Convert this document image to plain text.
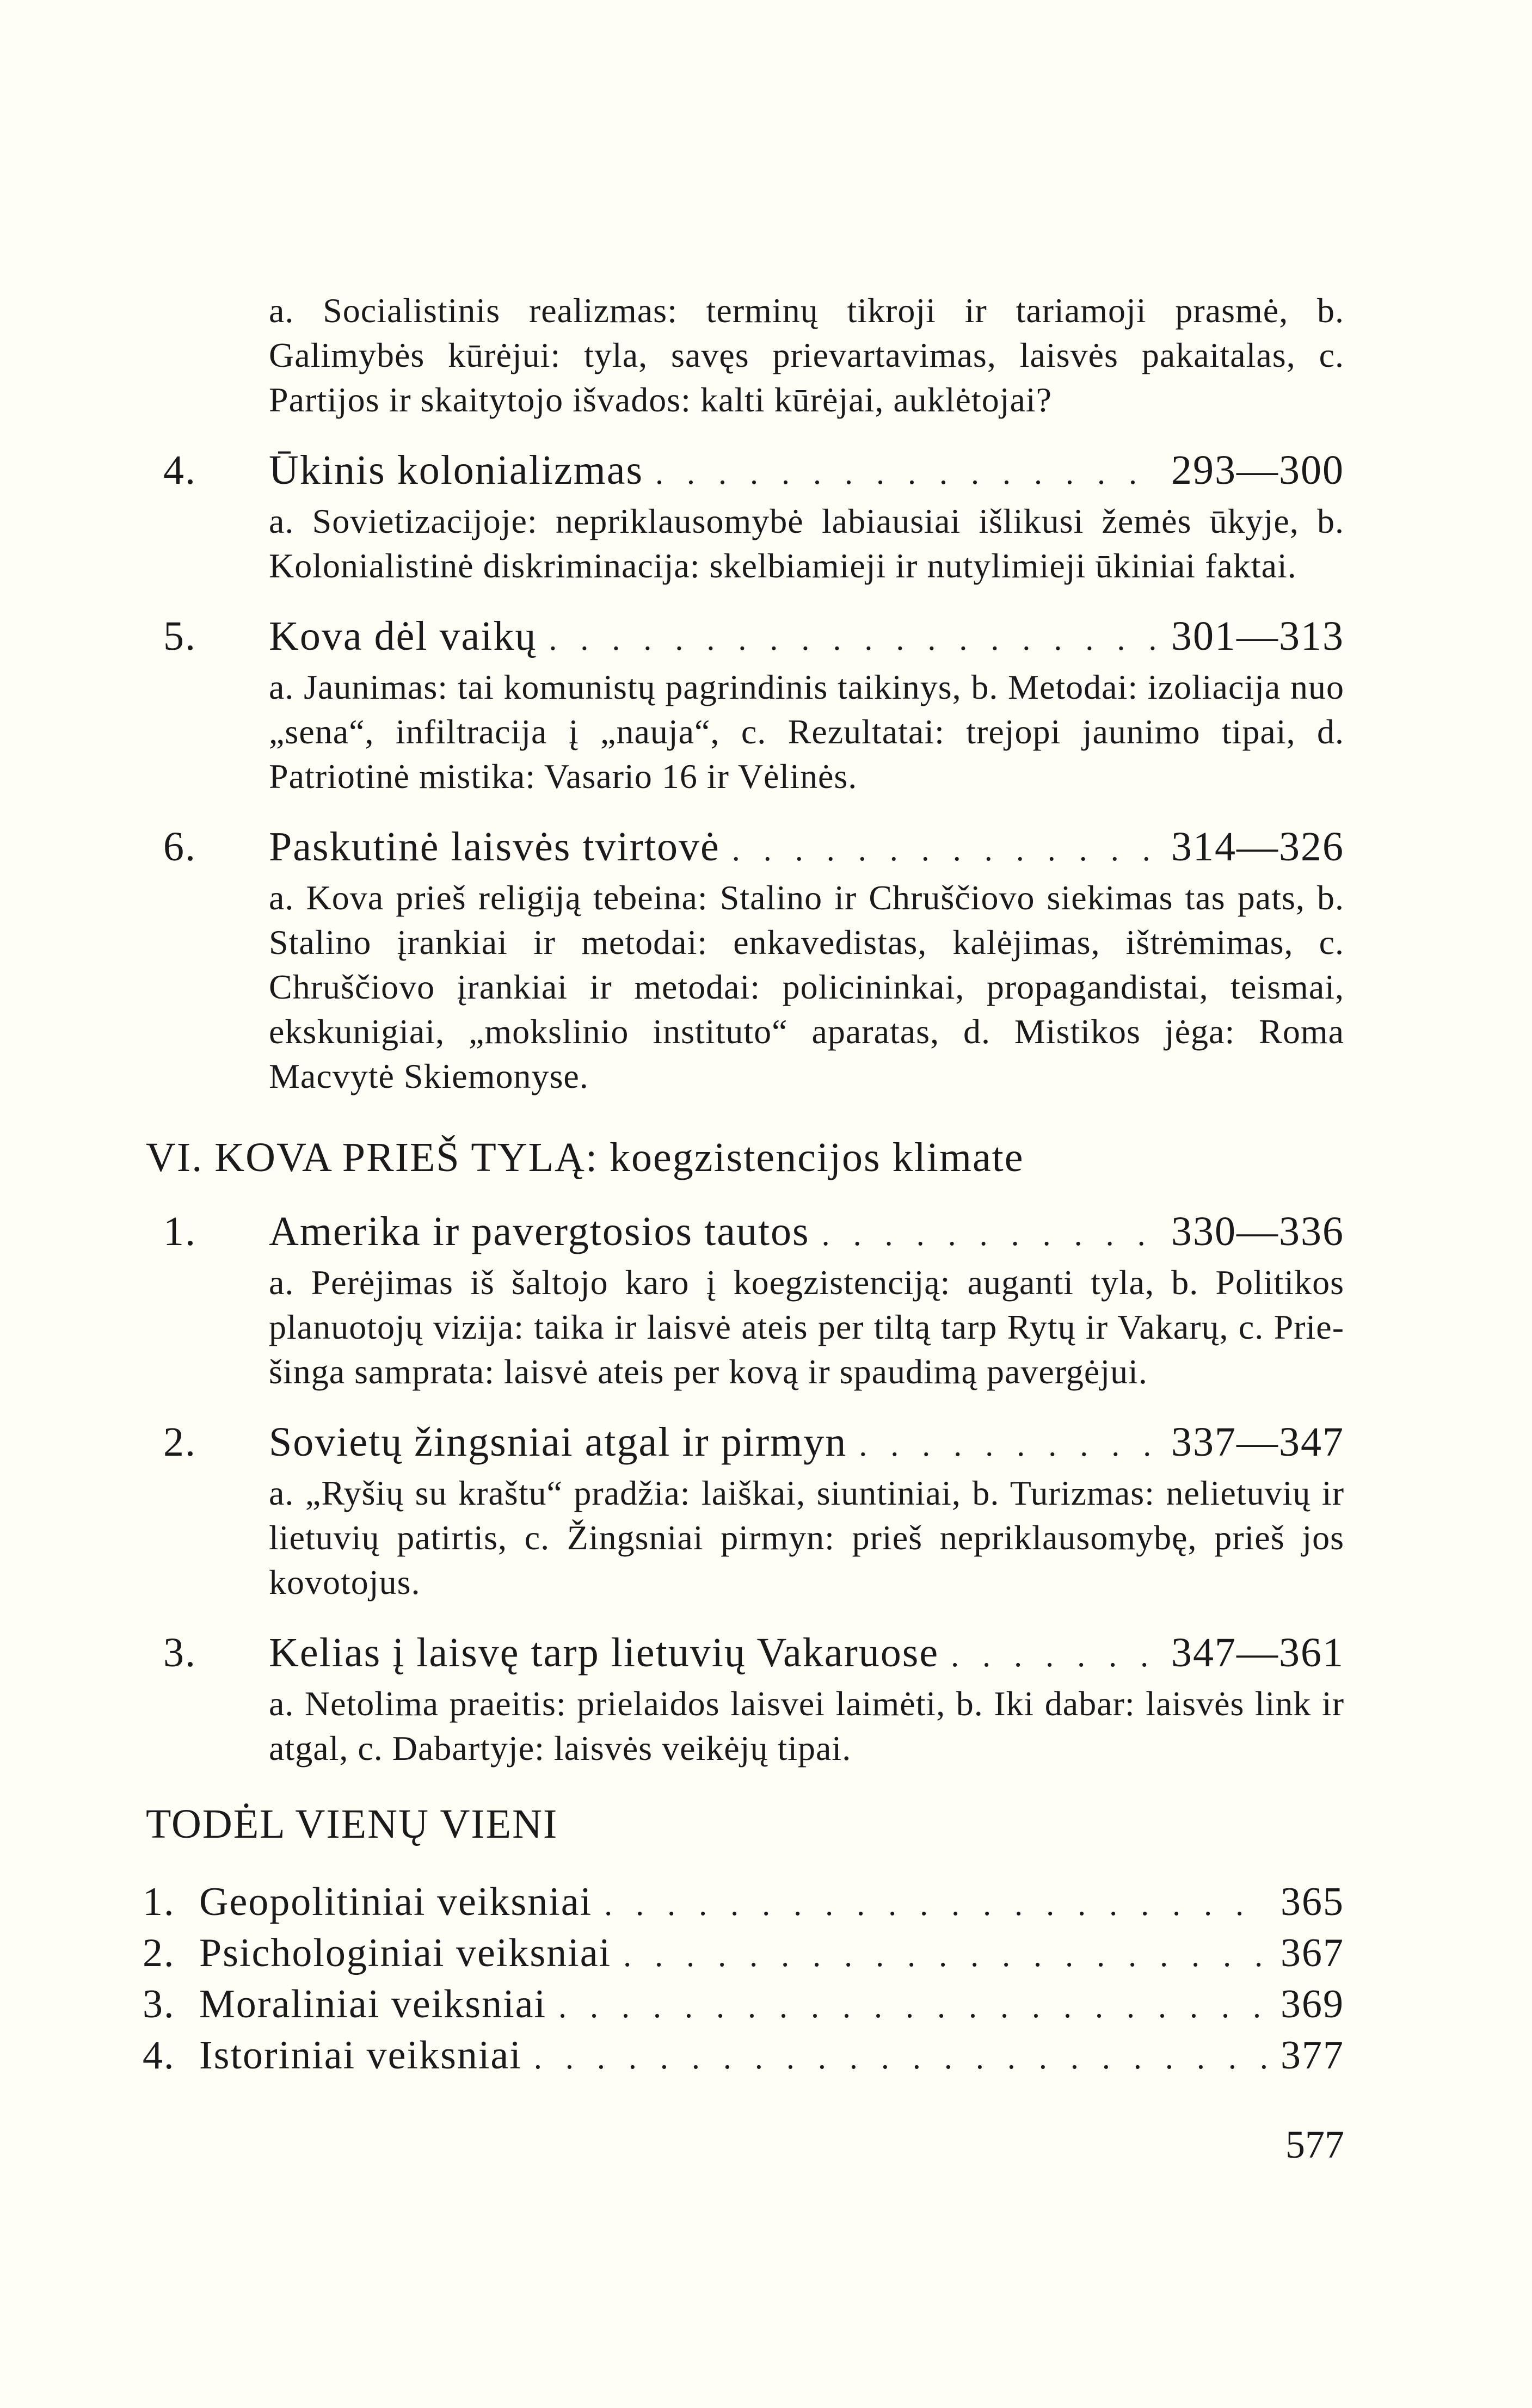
a. Socialistinis realizmas: terminų tikroji ir tariamoji prasmė, b. Galimybės kūrėjui: tyla, savęs prievartavimas, laisvės pakaitalas, c. Partijos ir skaitytojo išvados: kalti kūrėjai, auklėtojai?
4.	Ūkinis kolonializmas . . .	293—300
a. Sovietizacijoje: nepriklausomybė labiausiai išlikusi žemės ūkyje, b. Kolonialistinė diskriminacija: skelbiamieji ir nutylimieji ūkiniai faktai.
5.	Kova dėl vaikų . . .	301—313
a. Jaunimas: tai komunistų pagrindinis taikinys, b. Metodai: izoliacija nuo „sena“, infiltracija į „nauja“, c. Rezultatai: trejopi jaunimo tipai, d. Patriotinė mistika: Vasario 16 ir Vėlinės.
6.	Paskutinė laisvės tvirtovė . . .	314—326
a. Kova prieš religiją tebeina: Stalino ir Chruščiovo siekimas tas pats, b. Stalino įrankiai ir metodai: enkavedistas, kalėjimas, ištrėmimas, c. Chruščiovo įrankiai ir metodai: policininkai, propagandistai, teismai, ekskunigiai, „mokslinio instituto“ aparatas, d. Mistikos jėga: Roma Macvytė Skiemonyse.
VI. KOVA PRIEŠ TYLĄ: koegzistencijos klimate
1.	Amerika ir pavergtosios tautos . . .	330—336
a. Perėjimas iš šaltojo karo į koegzistenciją: auganti tyla, b. Politikos planuotojų vizija: taika ir laisvė ateis per tiltą tarp Rytų ir Vakarų, c. Prie-šinga samprata: laisvė ateis per kovą ir spaudimą pavergėjui.
2.	Sovietų žingsniai atgal ir pirmyn . . .	337—347
a. „Ryšių su kraštu“ pradžia: laiškai, siuntiniai, b. Turizmas: nelietuvių ir lietuvių patirtis, c. Žingsniai pirmyn: prieš nepriklausomybę, prieš jos kovotojus.
3.	Kelias į laisvę tarp lietuvių Vakaruose . . .	347—361
a. Netolima praeitis: prielaidos laisvei laimėti, b. Iki dabar: laisvės link ir atgal, c. Dabartyje: laisvės veikėjų tipai.
TODĖL VIENŲ VIENI
1. Geopolitiniai veiksniai . . .	365
2. Psichologiniai veiksniai . . .	367
3. Moraliniai veiksniai . . .	369
4. Istoriniai veiksniai . . .	377
577
